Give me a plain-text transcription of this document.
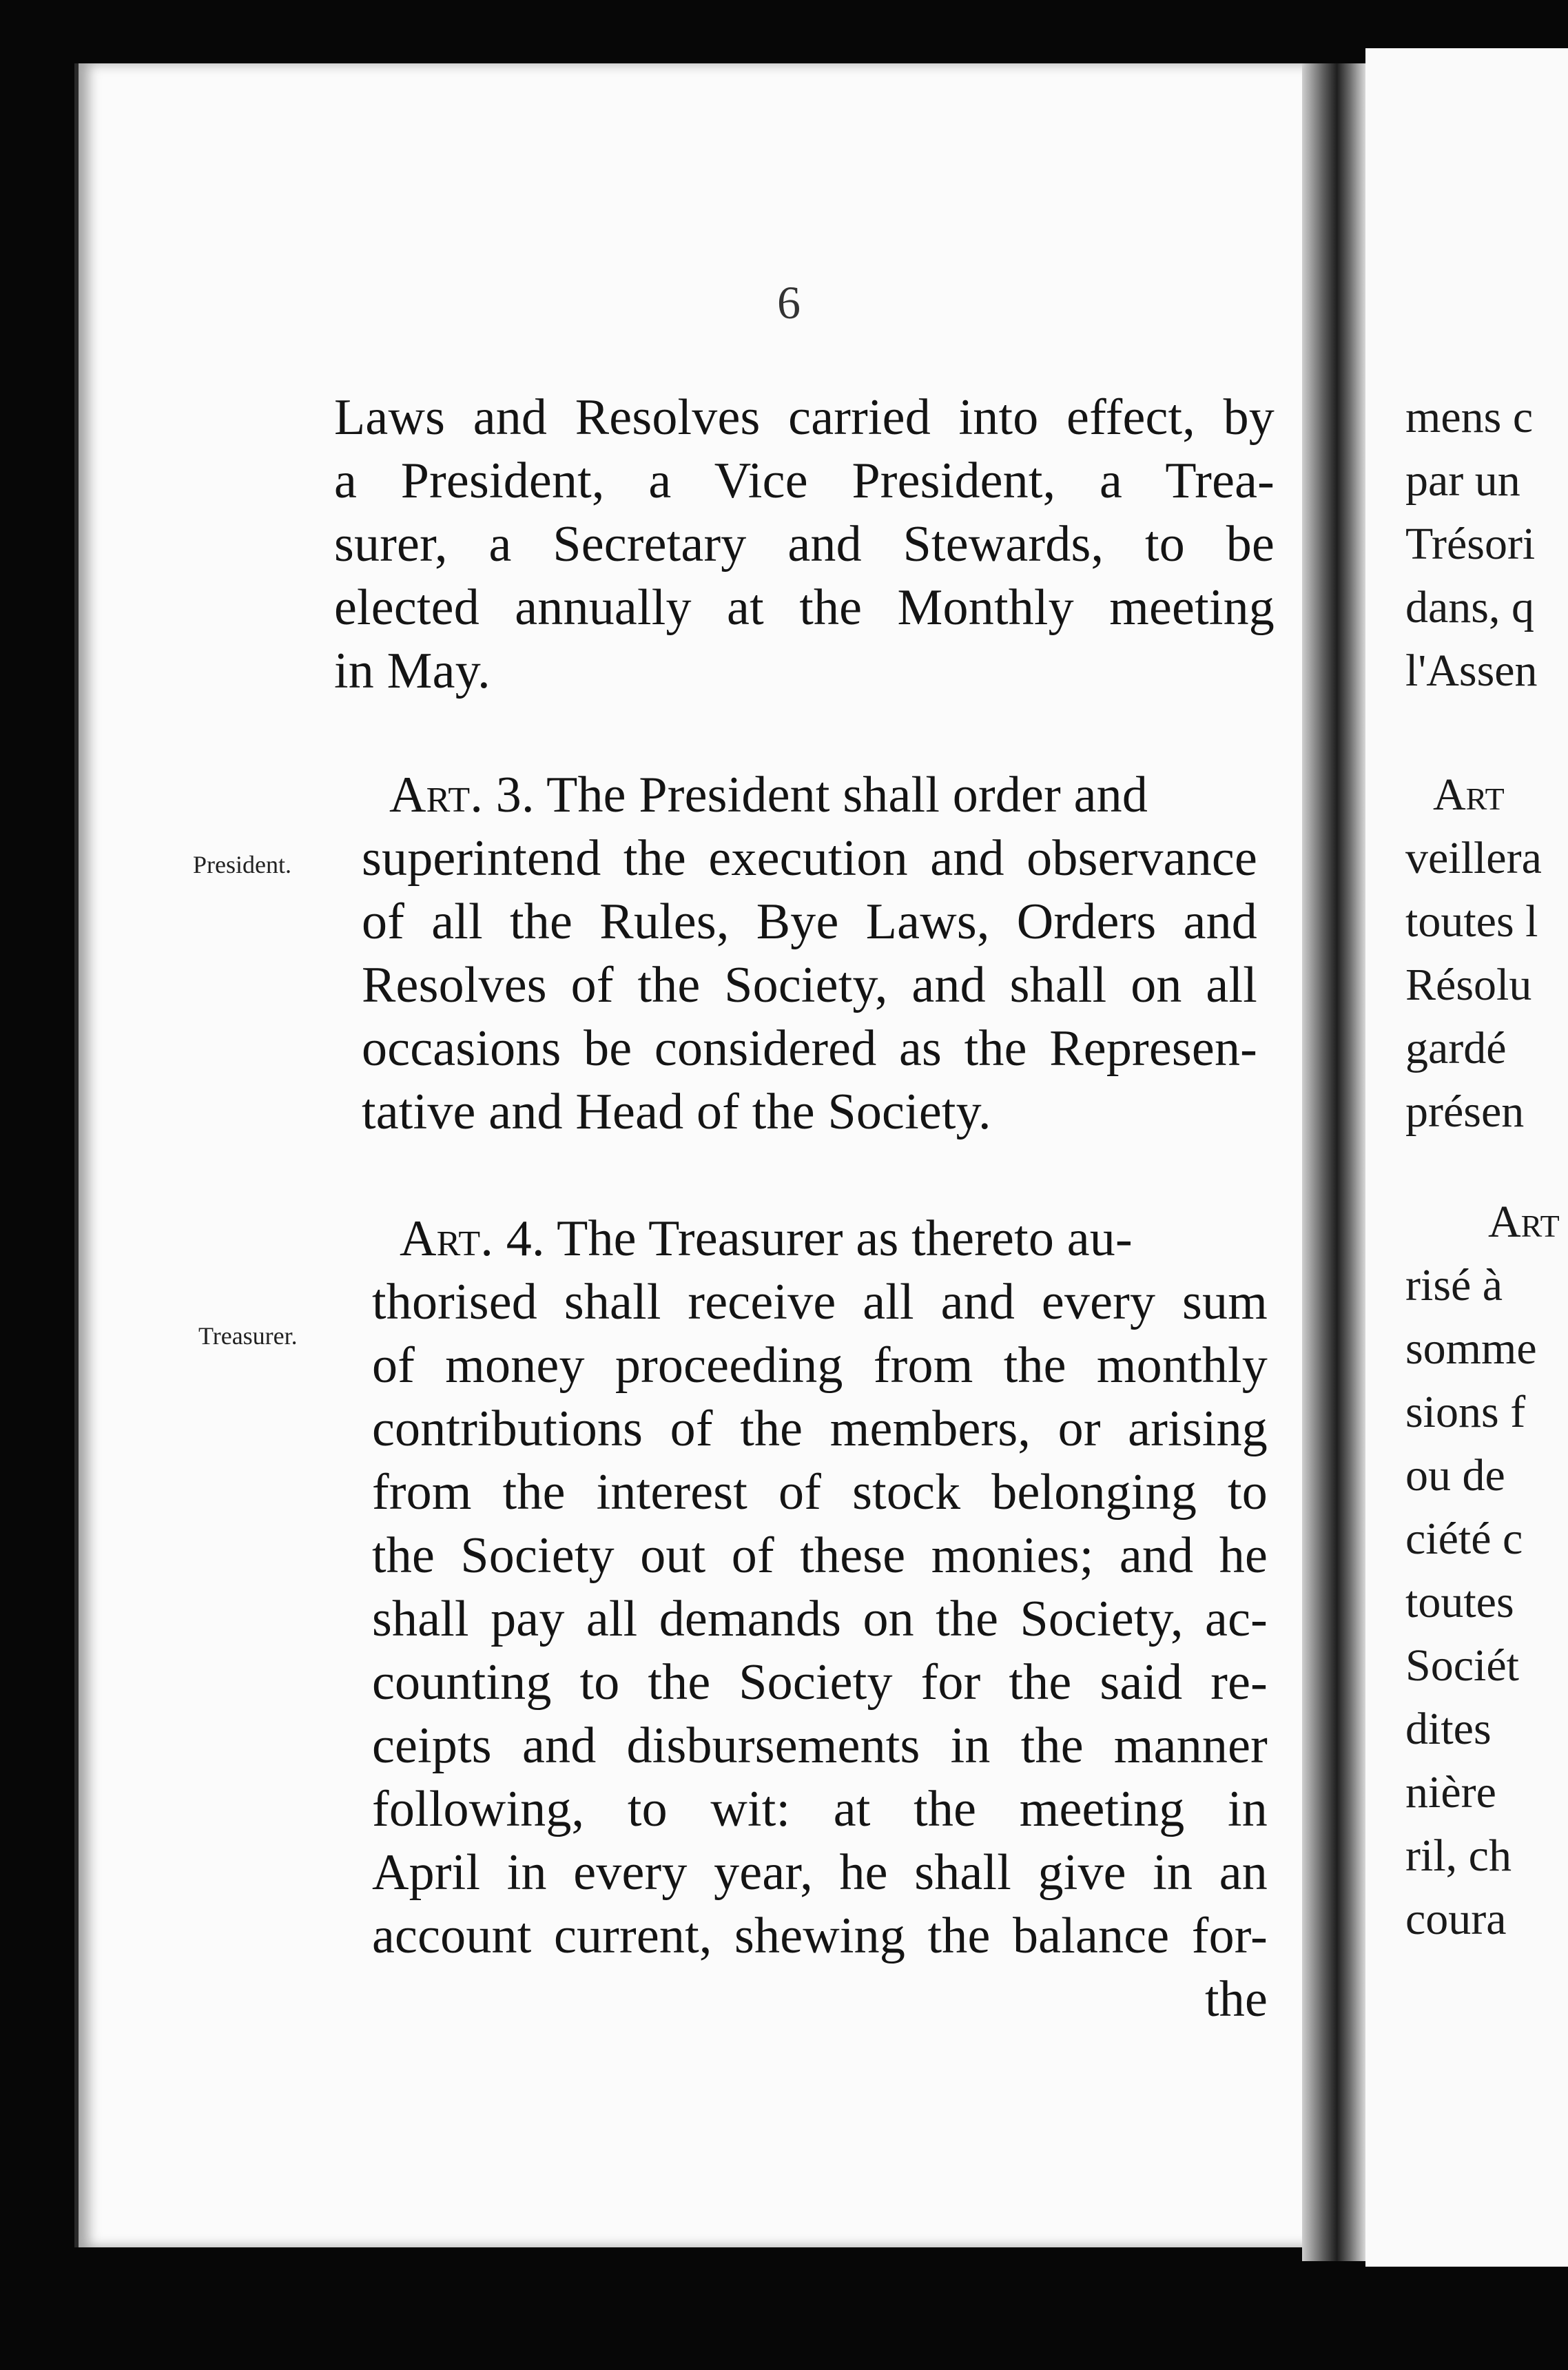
6
Laws and Resolves carried into effect, by
a President, a Vice President, a Trea-
surer, a Secretary and Stewards, to be
elected annually at the Monthly meeting
in May.
President.
Art. 3. The President shall order and
superintend the execution and observance
of all the Rules, Bye Laws, Orders and
Resolves of the Society, and shall on all
occasions be considered as the Represen-
tative and Head of the Society.
Treasurer.
Art. 4. The Treasurer as thereto au-
thorised shall receive all and every sum
of money proceeding from the monthly
contributions of the members, or arising
from the interest of stock belonging to
the Society out of these monies; and he
shall pay all demands on the Society, ac-
counting to the Society for the said re-
ceipts and disbursements in the manner
following, to wit: at the meeting in
April in every year, he shall give in an
account current, shewing the balance for-
the
mens c
par un
Trésori
dans, q
l'Assen
Art
veillera
toutes l
Résolu
gardé
présen
Art
risé à
somme
sions f
ou de
ciété c
toutes
Sociét
dites
nière
ril, ch
coura
